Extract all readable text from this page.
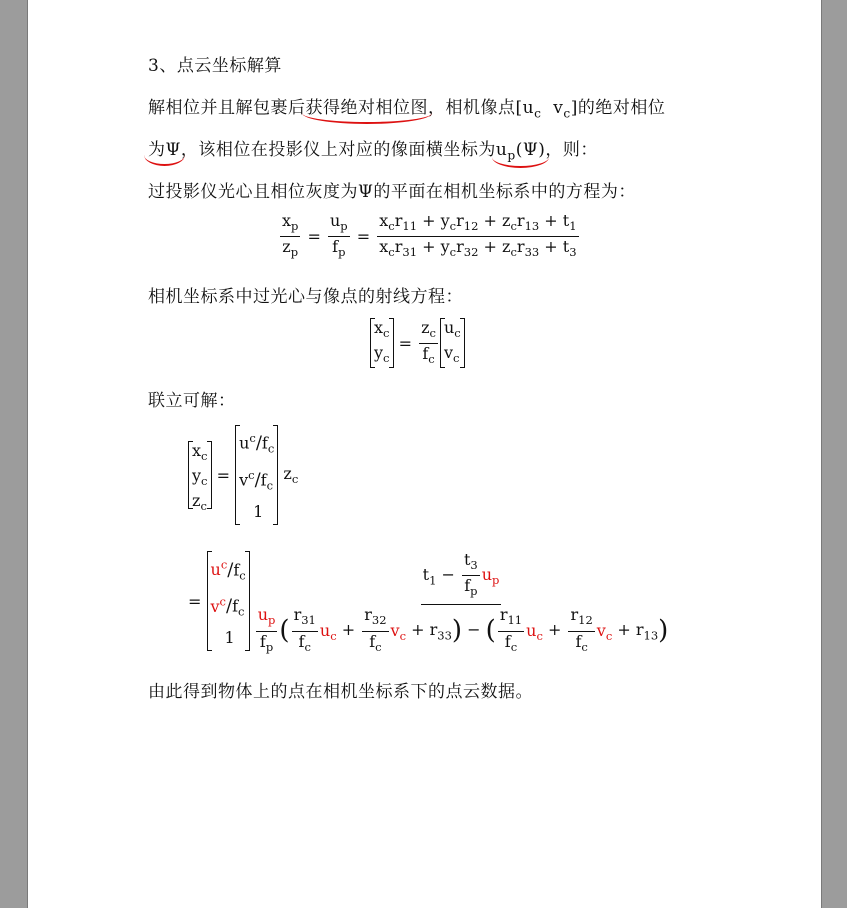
3、点云坐标解算
解相位并且解包裹后获得绝对相位图，相机像点[$u_c$  $v_c$]的绝对相位
为Ψ，该相位在投影仪上对应的像面横坐标为$u_p(\Psi)$，则：
过投影仪光心且相位灰度为Ψ的平面在相机坐标系中的方程为：
$\frac{x_p}{z_p} = \frac{u_p}{f_p} = \frac{x_cr_{11} + y_cr_{12} + z_cr_{13} + t_1}{x_cr_{31} + y_cr_{32} + z_cr_{33} + t_3}$
相机坐标系中过光心与像点的射线方程：
$x_c$
$y_c$
= $\frac{z_c}{f_c} u_c$
$v_c$
联立可解：
$x_c$
$y_c$
$z_c$
=
$u^c/f_c$
$v^c/f_c$
1
$z_c$
=
$u^c/f_c$
$v^c/f_c$
$1 \frac{t_1 - \frac{t_3}{f_p} u_p}{\frac{u_p}{f_p} ( \frac{r_{31}}{f_c} u_c + \frac{r_{32}}{f_c} v_c + r_{33}) - ( \frac{r_{11}}{f_c} u_c + \frac{r_{12}}{f_c} v_c + r_{13})}$
由此得到物体上的点在相机坐标系下的点云数据。
